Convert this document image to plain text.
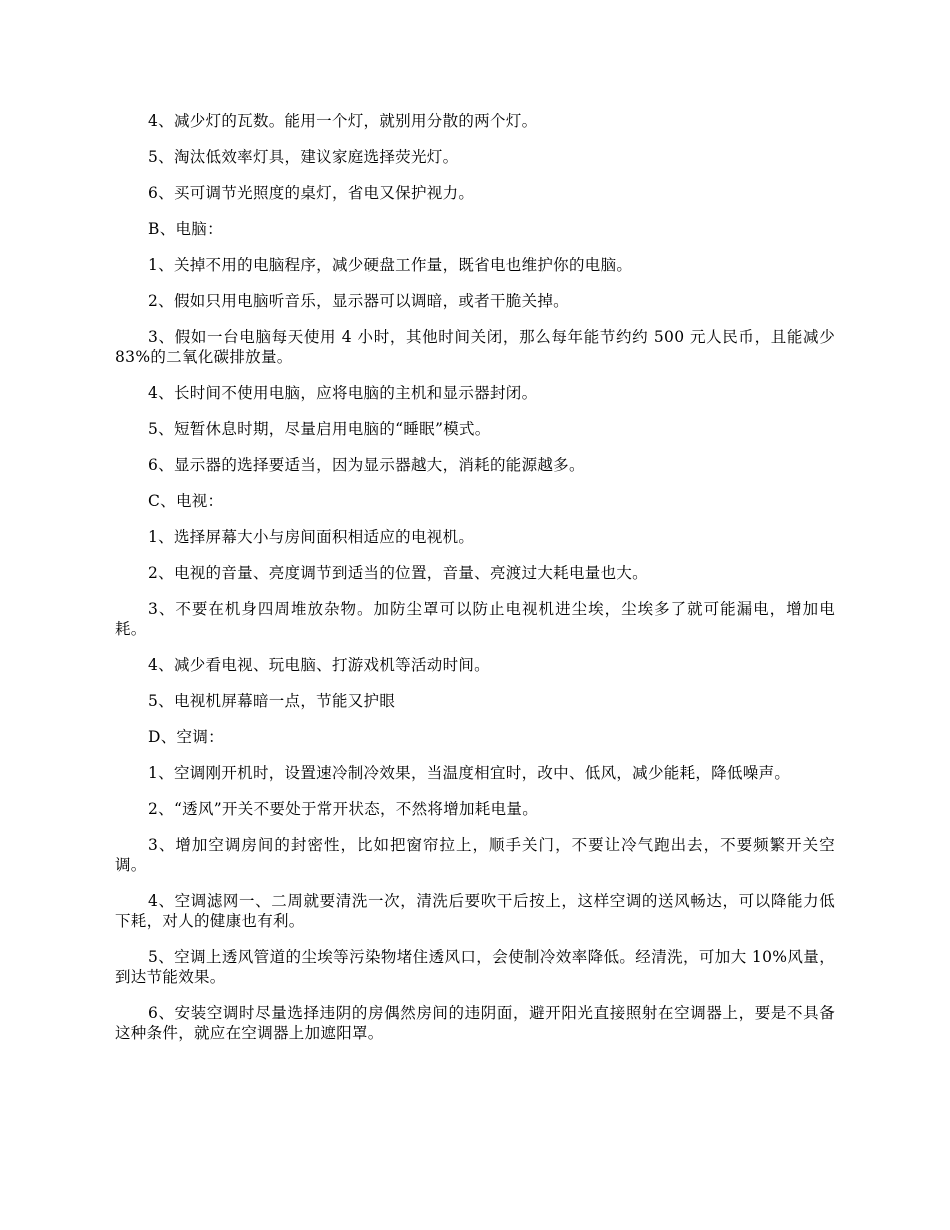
4、减少灯的瓦数。能用一个灯，就别用分散的两个灯。

5、淘汰低效率灯具，建议家庭选择荧光灯。

6、买可调节光照度的桌灯，省电又保护视力。

B、电脑：

1、关掉不用的电脑程序，减少硬盘工作量，既省电也维护你的电脑。

2、假如只用电脑听音乐，显示器可以调暗，或者干脆关掉。

3、假如一台电脑每天使用 4 小时，其他时间关闭，那么每年能节约约 500 元人民币，且能减少 83%的二氧化碳排放量。

4、长时间不使用电脑，应将电脑的主机和显示器封闭。

5、短暂休息时期，尽量启用电脑的“睡眠”模式。

6、显示器的选择要适当，因为显示器越大，消耗的能源越多。

C、电视：

1、选择屏幕大小与房间面积相适应的电视机。

2、电视的音量、亮度调节到适当的位置，音量、亮渡过大耗电量也大。

3、不要在机身四周堆放杂物。加防尘罩可以防止电视机进尘埃，尘埃多了就可能漏电，增加电耗。

4、减少看电视、玩电脑、打游戏机等活动时间。

5、电视机屏幕暗一点，节能又护眼

D、空调：

1、空调刚开机时，设置速冷制冷效果，当温度相宜时，改中、低风，减少能耗，降低噪声。

2、“透风”开关不要处于常开状态，不然将增加耗电量。

3、增加空调房间的封密性，比如把窗帘拉上，顺手关门，不要让冷气跑出去，不要频繁开关空调。

4、空调滤网一、二周就要清洗一次，清洗后要吹干后按上，这样空调的送风畅达，可以降能力低下耗，对人的健康也有利。

5、空调上透风管道的尘埃等污染物堵住透风口，会使制冷效率降低。经清洗，可加大 10%风量，到达节能效果。

6、安装空调时尽量选择违阴的房偶然房间的违阴面，避开阳光直接照射在空调器上，要是不具备这种条件，就应在空调器上加遮阳罩。
